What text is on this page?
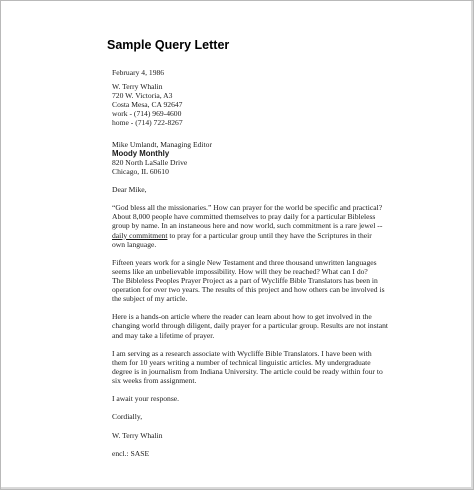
Sample Query Letter
February 4, 1986
W. Terry Whalin
720 W. Victoria, A3
Costa Mesa, CA 92647
work - (714) 969-4600
home - (714) 722-8267
Mike Umlandt, Managing Editor
Moody Monthly
820 North LaSalle Drive
Chicago, IL 60610
Dear Mike,
“God bless all the missionaries.” How can prayer for the world be specific and practical?
About 8,000 people have committed themselves to pray daily for a particular Bibleless
group by name. In an instaneous here and now world, such commitment is a rare jewel --
daily commitment to pray for a particular group until they have the Scriptures in their
own language.
Fifteen years work for a single New Testament and three thousand unwritten languages
seems like an unbelievable impossibility. How will they be reached? What can I do?
The Bibleless Peoples Prayer Project as a part of Wycliffe Bible Translators has been in
operation for over two years. The results of this project and how others can be involved is
the subject of my article.
Here is a hands-on article where the reader can learn about how to get involved in the
changing world through diligent, daily prayer for a particular group. Results are not instant
and may take a lifetime of prayer.
I am serving as a research associate with Wycliffe Bible Translators. I have been with
them for 10 years writing a number of technical linguistic articles. My undergraduate
degree is in journalism from Indiana University. The article could be ready within four to
six weeks from assignment.
I await your response.
Cordially,
W. Terry Whalin
encl.: SASE
